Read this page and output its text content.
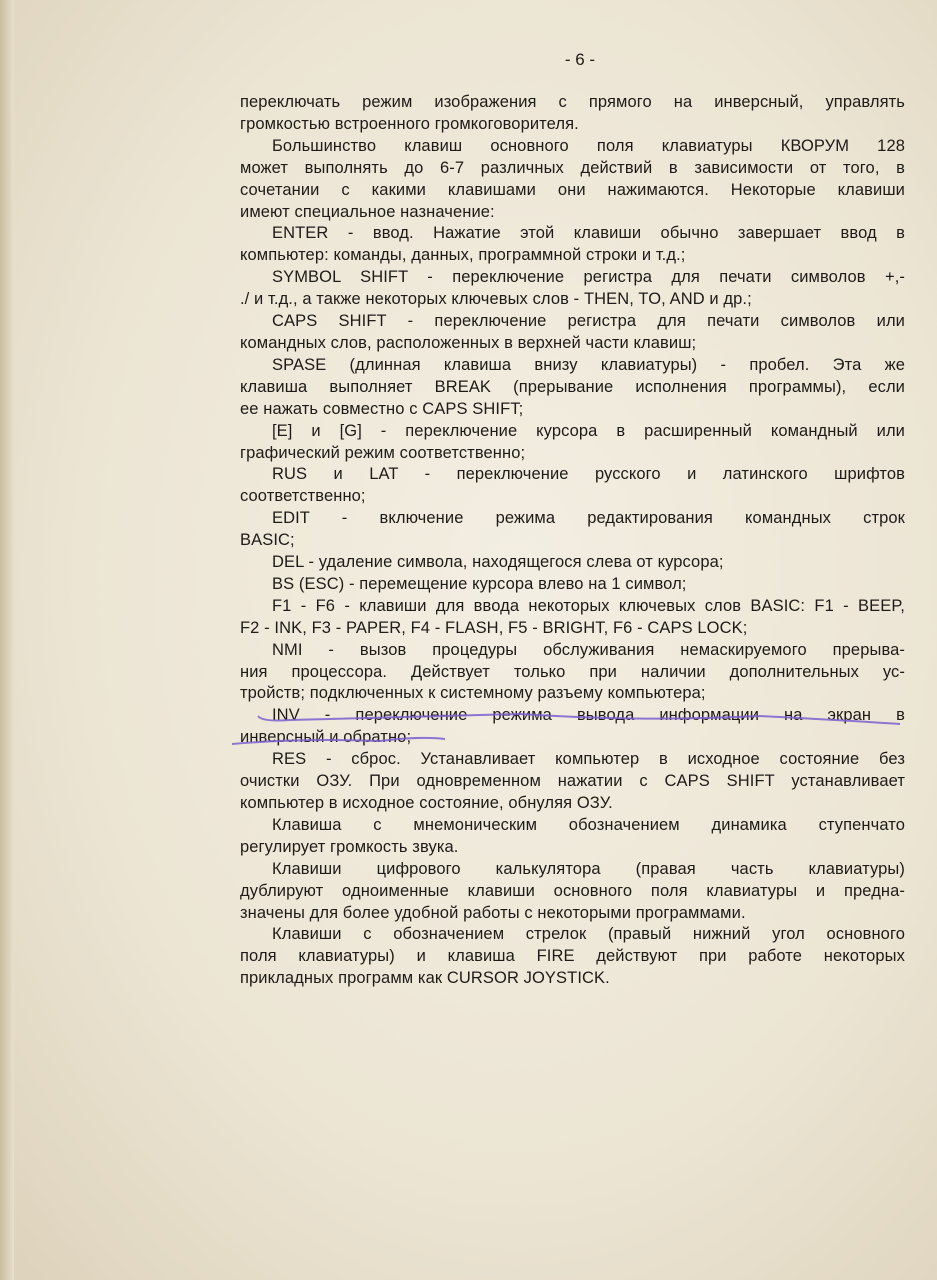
- 6 -
переключать режим изображения с прямого на инверсный, управлять
громкостью встроенного громкоговорителя.
Большинство клавиш основного поля клавиатуры КВОРУМ 128
может выполнять до 6-7 различных действий в зависимости от того, в
сочетании с какими клавишами они нажимаются. Некоторые клавиши
имеют специальное назначение:
ENTER - ввод. Нажатие этой клавиши обычно завершает ввод в
компьютер: команды, данных, программной строки и т.д.;
SYMBOL SHIFT - переключение регистра для печати символов +,-
./ и т.д., а также некоторых ключевых слов - THEN, TO, AND и др.;
CAPS SHIFT - переключение регистра для печати символов или
командных слов, расположенных в верхней части клавиш;
SPASE (длинная клавиша внизу клавиатуры) - пробел. Эта же
клавиша выполняет BREAK (прерывание исполнения программы), если
ее нажать совместно с CAPS SHIFT;
[E] и [G] - переключение курсора в расширенный командный или
графический режим соответственно;
RUS и LAT - переключение русского и латинского шрифтов
соответственно;
EDIT - включение режима редактирования командных строк
BASIC;
DEL - удаление символа, находящегося слева от курсора;
BS (ESC) - перемещение курсора влево на 1 символ;
F1 - F6 - клавиши для ввода некоторых ключевых слов BASIC: F1 - BEEP,
F2 - INK, F3 - PAPER, F4 - FLASH, F5 - BRIGHT, F6 - CAPS LOCK;
NMI - вызов процедуры обслуживания немаскируемого прерыва-
ния процессора. Действует только при наличии дополнительных ус-
тройств; подключенных к системному разъему компьютера;
INV - переключение режима вывода информации на экран в
инверсный и обратно;
RES - сброс. Устанавливает компьютер в исходное состояние без
очистки ОЗУ. При одновременном нажатии с CAPS SHIFT устанавливает
компьютер в исходное состояние, обнуляя ОЗУ.
Клавиша с мнемоническим обозначением динамика ступенчато
регулирует громкость звука.
Клавиши цифрового калькулятора (правая часть клавиатуры)
дублируют одноименные клавиши основного поля клавиатуры и предна-
значены для более удобной работы с некоторыми программами.
Клавиши с обозначением стрелок (правый нижний угол основного
поля клавиатуры) и клавиша FIRE действуют при работе некоторых
прикладных программ как CURSOR JOYSTICK.
